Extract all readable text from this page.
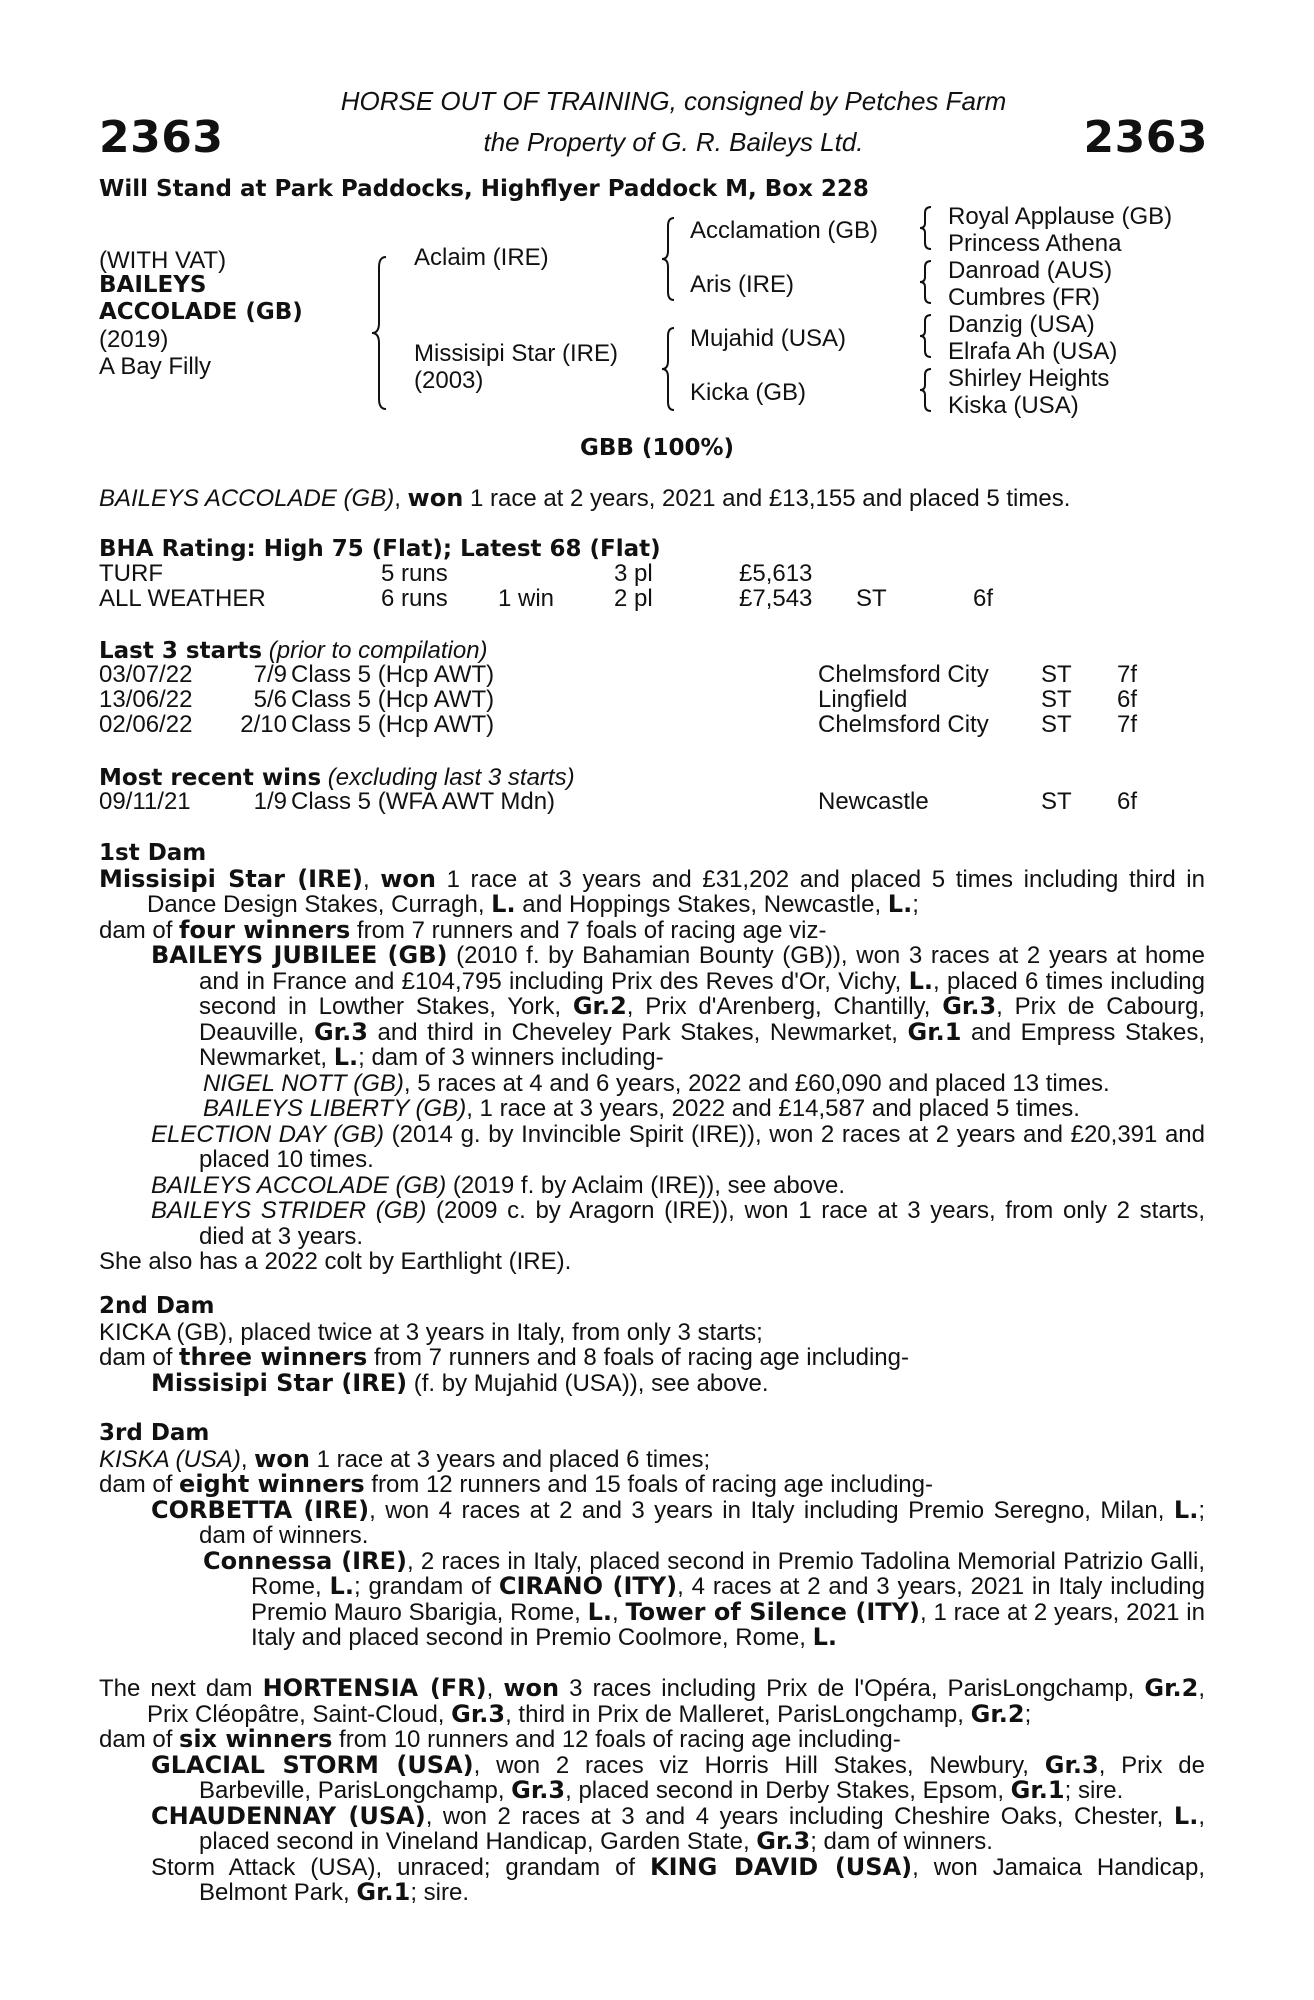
2363	2363
HORSE OUT OF TRAINING, consigned by Petches Farm
the Property of G. R. Baileys Ltd.
Will Stand at Park Paddocks, Highflyer Paddock M, Box 228
(WITH VAT)
BAILEYS
ACCOLADE (GB)
(2019)
A Bay Filly
Aclaim (IRE)
Missisipi Star (IRE)
(2003)
Acclamation (GB)
Aris (IRE)
Mujahid (USA)
Kicka (GB)
Royal Applause (GB)
Princess Athena
Danroad (AUS)
Cumbres (FR)
Danzig (USA)
Elrafa Ah (USA)
Shirley Heights
Kiska (USA)
GBB (100%)

BAILEYS ACCOLADE (GB), won 1 race at 2 years, 2021 and £13,155 and placed 5 times.

BHA Rating: High 75 (Flat); Latest 68 (Flat)
TURF	5 runs	3 pl	£5,613
ALL WEATHER	6 runs 1 win 2 pl	£7,543 ST	6f
Last 3 starts (prior to compilation)
03/07/22	7/9 Class 5 (Hcp AWT)	Chelmsford City ST 7f
13/06/22	5/6 Class 5 (Hcp AWT)	Lingfield	ST 6f
02/06/22	2/10 Class 5 (Hcp AWT)	Chelmsford City ST 7f
Most recent wins (excluding last 3 starts)
09/11/21	1/9 Class 5 (WFA AWT Mdn)	Newcastle	ST 6f

1st Dam

Missisipi Star (IRE), won 1 race at 3 years and £31,202 and placed 5 times including third in Dance Design Stakes, Curragh, L. and Hoppings Stakes, Newcastle, L.;

dam of four winners from 7 runners and 7 foals of racing age viz-

BAILEYS JUBILEE (GB) (2010 f. by Bahamian Bounty (GB)), won 3 races at 2 years at home and in France and £104,795 including Prix des Reves d'Or, Vichy, L., placed 6 times including second in Lowther Stakes, York, Gr.2, Prix d'Arenberg, Chantilly, Gr.3, Prix de Cabourg, Deauville, Gr.3 and third in Cheveley Park Stakes, Newmarket, Gr.1 and Empress Stakes, Newmarket, L.; dam of 3 winners including-

NIGEL NOTT (GB), 5 races at 4 and 6 years, 2022 and £60,090 and placed 13 times.

BAILEYS LIBERTY (GB), 1 race at 3 years, 2022 and £14,587 and placed 5 times.

ELECTION DAY (GB) (2014 g. by Invincible Spirit (IRE)), won 2 races at 2 years and £20,391 and placed 10 times.

BAILEYS ACCOLADE (GB) (2019 f. by Aclaim (IRE)), see above.

BAILEYS STRIDER (GB) (2009 c. by Aragorn (IRE)), won 1 race at 3 years, from only 2 starts, died at 3 years.

She also has a 2022 colt by Earthlight (IRE).

2nd Dam

KICKA (GB), placed twice at 3 years in Italy, from only 3 starts;

dam of three winners from 7 runners and 8 foals of racing age including-

Missisipi Star (IRE) (f. by Mujahid (USA)), see above.

3rd Dam

KISKA (USA), won 1 race at 3 years and placed 6 times;

dam of eight winners from 12 runners and 15 foals of racing age including-

CORBETTA (IRE), won 4 races at 2 and 3 years in Italy including Premio Seregno, Milan, L.; dam of winners.

Connessa (IRE), 2 races in Italy, placed second in Premio Tadolina Memorial Patrizio Galli, Rome, L.; grandam of CIRANO (ITY), 4 races at 2 and 3 years, 2021 in Italy including Premio Mauro Sbarigia, Rome, L., Tower of Silence (ITY), 1 race at 2 years, 2021 in Italy and placed second in Premio Coolmore, Rome, L.

The next dam HORTENSIA (FR), won 3 races including Prix de l'Opéra, ParisLongchamp, Gr.2, Prix Cléopâtre, Saint-Cloud, Gr.3, third in Prix de Malleret, ParisLongchamp, Gr.2;

dam of six winners from 10 runners and 12 foals of racing age including-

GLACIAL STORM (USA), won 2 races viz Horris Hill Stakes, Newbury, Gr.3, Prix de Barbeville, ParisLongchamp, Gr.3, placed second in Derby Stakes, Epsom, Gr.1; sire.

CHAUDENNAY (USA), won 2 races at 3 and 4 years including Cheshire Oaks, Chester, L., placed second in Vineland Handicap, Garden State, Gr.3; dam of winners.

Storm Attack (USA), unraced; grandam of KING DAVID (USA), won Jamaica Handicap, Belmont Park, Gr.1; sire.
